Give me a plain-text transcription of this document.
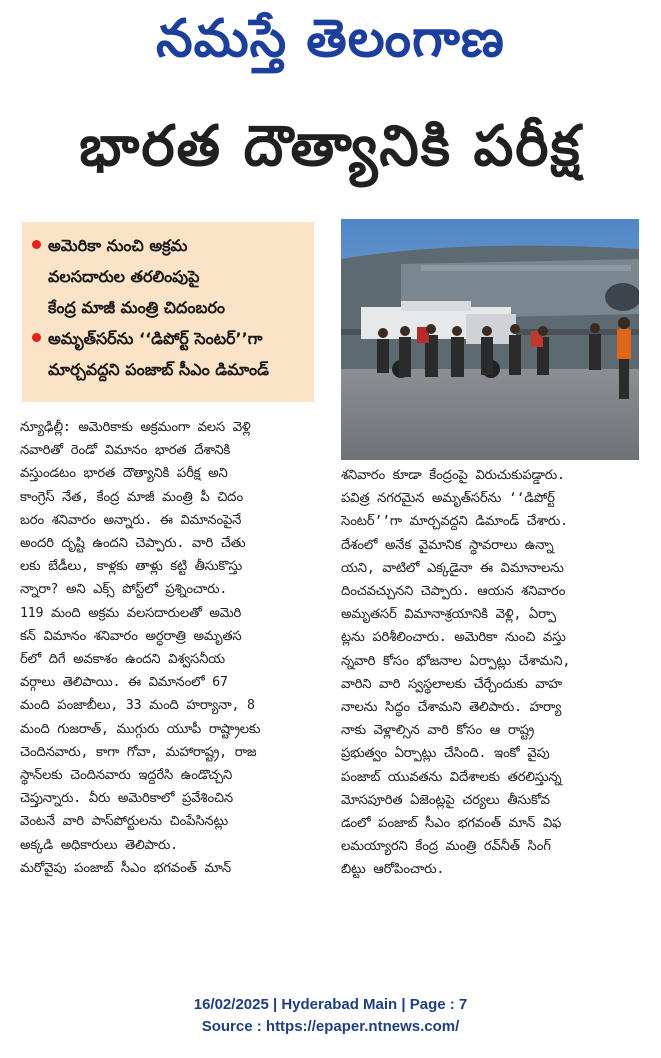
నమస్తే తెలంగాణ
భారత దౌత్యానికి పరీక్ష
అమెరికా నుంచి అక్రమ
వలసదారుల తరలింపుపై
కేంద్ర మాజీ మంత్రి చిదంబరం
అమృత్‌సర్‌ను ‘‘డిపోర్ట్ సెంటర్’’గా
మార్చవద్దని పంజాబ్ సీఎం డిమాండ్

న్యూఢిల్లీ: అమెరికాకు అక్రమంగా వలస వెళ్లి

నవారితో రెండో విమానం భారత దేశానికి

వస్తుండటం భారత దౌత్యానికి పరీక్ష అని

కాంగ్రెస్ నేత, కేంద్ర మాజీ మంత్రి పీ చిదం

బరం శనివారం అన్నారు. ఈ విమానంపైనే

అందరి దృష్టి ఉందని చెప్పారు. వారి చేతు

లకు బేడీలు, కాళ్లకు తాళ్లు కట్టి తీసుకొస్తు

న్నారా? అని ఎక్స్ పోస్ట్‌లో ప్రశ్నించారు.

119 మంది అక్రమ వలసదారులతో అమెరి

కన్ విమానం శనివారం అర్ధరాత్రి అమృతస

ర్‌లో దిగే అవకాశం ఉందని విశ్వసనీయ

వర్గాలు తెలిపాయి. ఈ విమానంలో 67

మంది పంజాబీలు, 33 మంది హర్యానా, 8

మంది గుజరాత్, ముగ్గురు యూపీ రాష్ట్రాలకు

చెందినవారు, కాగా గోవా, మహారాష్ట్ర, రాజ

స్థాన్‌లకు చెందినవారు ఇద్దరేసి ఉండొచ్చని

చెప్తున్నారు. వీరు అమెరికాలో ప్రవేశించిన

వెంటనే వారి పాస్‌పోర్టులను చింపేసినట్లు

అక్కడి అధికారులు తెలిపారు.

మరోవైపు పంజాబ్ సీఎం భగవంత్ మాన్

శనివారం కూడా కేంద్రంపై విరుచుకుపడ్డారు.

పవిత్ర నగరమైన అమృత్‌సర్‌ను ‘‘డిపోర్ట్

సెంటర్’’గా మార్చవద్దని డిమాండ్ చేశారు.

దేశంలో అనేక వైమానిక స్థావరాలు ఉన్నా

యని, వాటిలో ఎక్కడైనా ఈ విమానాలను

దించవచ్చునని చెప్పారు. ఆయన శనివారం

అమృతసర్ విమానాశ్రయానికి వెళ్లి, ఏర్పా

ట్లను పరిశీలించారు. అమెరికా నుంచి వస్తు

న్నవారి కోసం భోజనాల ఏర్పాట్లు చేశామని,

వారిని వారి స్వస్థలాలకు చేర్చేందుకు వాహ

నాలను సిద్ధం చేశామని తెలిపారు. హర్యా

నాకు వెళ్లాల్సిన వారి కోసం ఆ రాష్ట్ర

ప్రభుత్వం ఏర్పాట్లు చేసింది. ఇంకో వైపు

పంజాబ్ యువతను విదేశాలకు తరలిస్తున్న

మోసపూరిత ఏజెంట్లపై చర్యలు తీసుకోవ

డంలో పంజాబ్ సీఎం భగవంత్ మాన్ విఫ

లమయ్యారని కేంద్ర మంత్రి రవ్‌నీత్ సింగ్

బిట్టు ఆరోపించారు.

16/02/2025 | Hyderabad Main | Page : 7
Source : https://epaper.ntnews.com/
